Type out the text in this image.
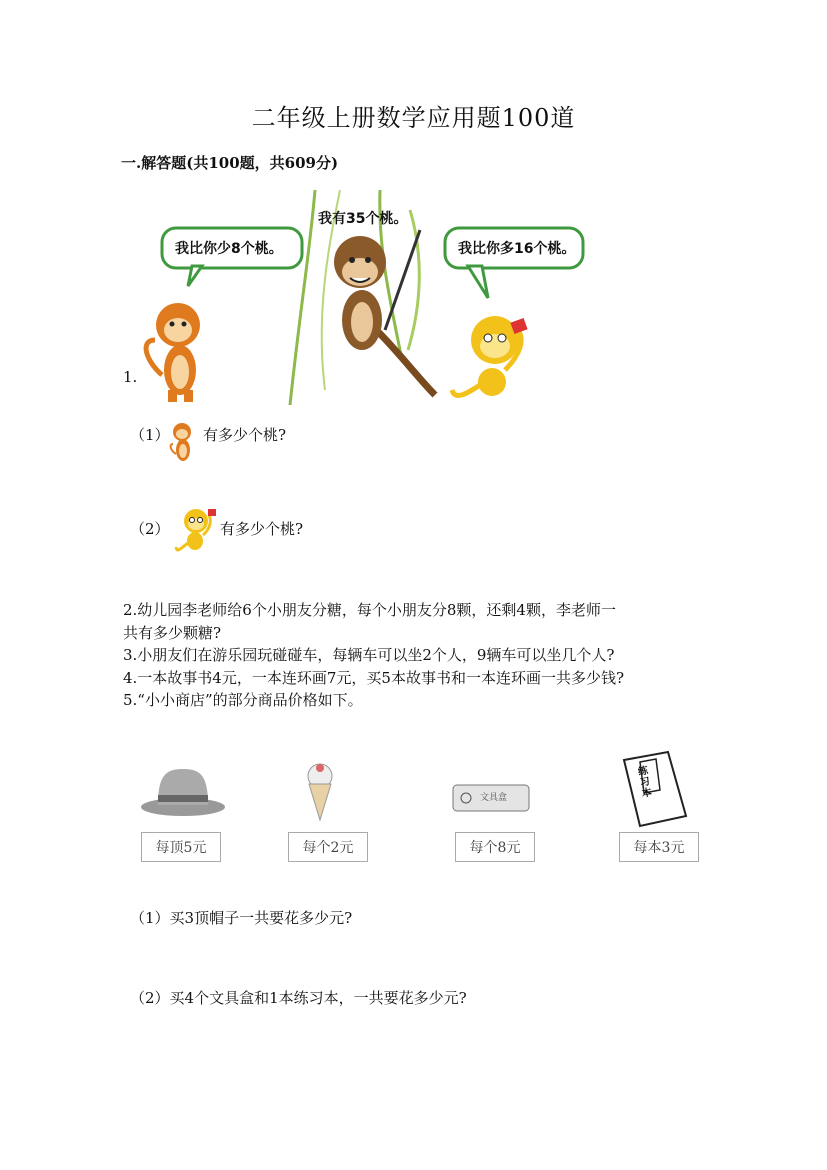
二年级上册数学应用题100道
一.解答题(共100题，共609分)
我比你少8个桃。
我有35个桃。
我比你多16个桃。
1.
（1） 有多少个桃?
（2）	有多少个桃?
2.幼儿园李老师给6个小朋友分糖，每个小朋友分8颗，还剩4颗，李老师一
共有多少颗糖?
3.小朋友们在游乐园玩碰碰车，每辆车可以坐2个人，9辆车可以坐几个人?
4.一本故事书4元，一本连环画7元，买5本故事书和一本连环画一共多少钱?
5.“小小商店”的部分商品价格如下。
文具盒
练习本
每顶5元	每个2元	每个8元	每本3元
（1）买3顶帽子一共要花多少元?
（2）买4个文具盒和1本练习本，一共要花多少元?
